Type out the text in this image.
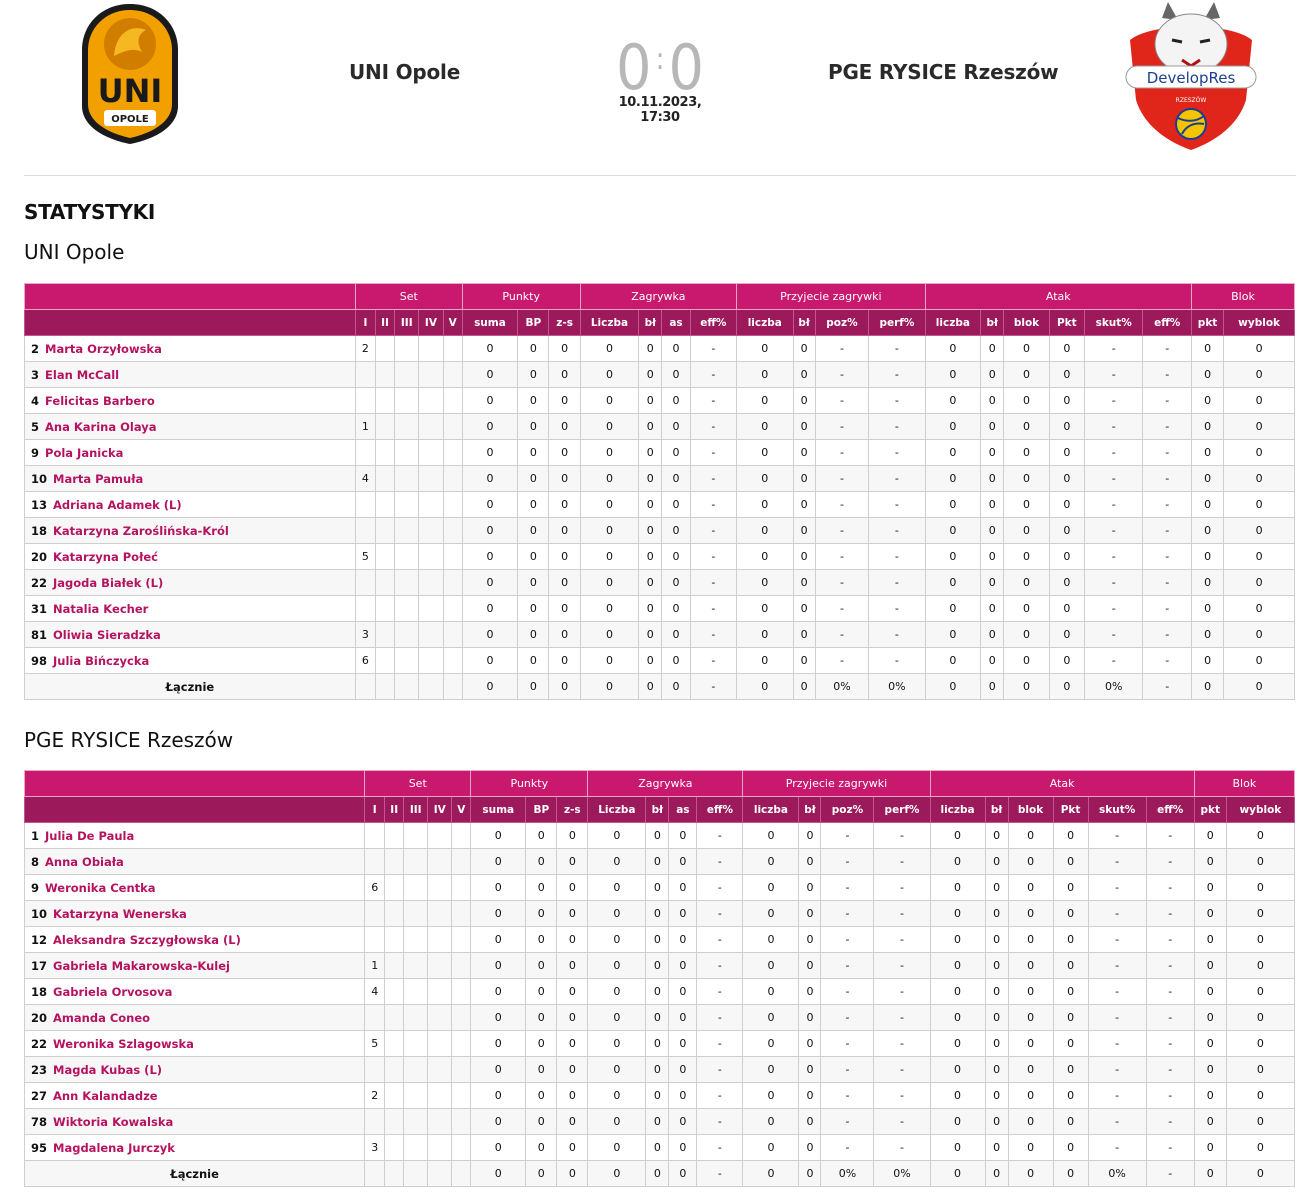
UNI
OPOLE
UNI Opole	0 :0
10.11.2023, 17:30
PGE RYSICE Rzeszów	DevelopRes
RZESZÓW
STATYSTYKI
UNI Opole
	Set					Punkty			Zagrywka				Przyjecie zagrywki				Atak						Blok	
	I	II	III	IV	V	suma	BP	z-s	Liczba	bł	as	eff%	liczba	bł	poz%	perf%	liczba	bł	blok	Pkt	skut%	eff%	pkt	wyblok
2 Marta Orzyłowska	2					0	0	0	0	0	0	-	0	0	-	-	0	0	0	0	-	-	0	0
3 Elan McCall						0	0	0	0	0	0	-	0	0	-	-	0	0	0	0	-	-	0	0
4 Felicitas Barbero						0	0	0	0	0	0	-	0	0	-	-	0	0	0	0	-	-	0	0
5 Ana Karina Olaya	1					0	0	0	0	0	0	-	0	0	-	-	0	0	0	0	-	-	0	0
9 Pola Janicka						0	0	0	0	0	0	-	0	0	-	-	0	0	0	0	-	-	0	0
10 Marta Pamuła	4					0	0	0	0	0	0	-	0	0	-	-	0	0	0	0	-	-	0	0
13 Adriana Adamek (L)						0	0	0	0	0	0	-	0	0	-	-	0	0	0	0	-	-	0	0
18 Katarzyna Zaroślińska-Król						0	0	0	0	0	0	-	0	0	-	-	0	0	0	0	-	-	0	0
20 Katarzyna Połeć	5					0	0	0	0	0	0	-	0	0	-	-	0	0	0	0	-	-	0	0
22 Jagoda Białek (L)						0	0	0	0	0	0	-	0	0	-	-	0	0	0	0	-	-	0	0
31 Natalia Kecher						0	0	0	0	0	0	-	0	0	-	-	0	0	0	0	-	-	0	0
81 Oliwia Sieradzka	3					0	0	0	0	0	0	-	0	0	-	-	0	0	0	0	-	-	0	0
98 Julia Bińczycka	6					0	0	0	0	0	0	-	0	0	-	-	0	0	0	0	-	-	0	0
Łącznie						0	0	0	0	0	0	-	0	0	0%	0%	0	0	0	0	0%	-	0	0
PGE RYSICE Rzeszów
	Set					Punkty			Zagrywka				Przyjecie zagrywki				Atak						Blok	
	I	II	III	IV	V	suma	BP	z-s	Liczba	bł	as	eff%	liczba	bł	poz%	perf%	liczba	bł	blok	Pkt	skut%	eff%	pkt	wyblok
1 Julia De Paula						0	0	0	0	0	0	-	0	0	-	-	0	0	0	0	-	-	0	0
8 Anna Obiała						0	0	0	0	0	0	-	0	0	-	-	0	0	0	0	-	-	0	0
9 Weronika Centka	6					0	0	0	0	0	0	-	0	0	-	-	0	0	0	0	-	-	0	0
10 Katarzyna Wenerska						0	0	0	0	0	0	-	0	0	-	-	0	0	0	0	-	-	0	0
12 Aleksandra Szczygłowska (L)						0	0	0	0	0	0	-	0	0	-	-	0	0	0	0	-	-	0	0
17 Gabriela Makarowska-Kulej	1					0	0	0	0	0	0	-	0	0	-	-	0	0	0	0	-	-	0	0
18 Gabriela Orvosova	4					0	0	0	0	0	0	-	0	0	-	-	0	0	0	0	-	-	0	0
20 Amanda Coneo						0	0	0	0	0	0	-	0	0	-	-	0	0	0	0	-	-	0	0
22 Weronika Szlagowska	5					0	0	0	0	0	0	-	0	0	-	-	0	0	0	0	-	-	0	0
23 Magda Kubas (L)						0	0	0	0	0	0	-	0	0	-	-	0	0	0	0	-	-	0	0
27 Ann Kalandadze	2					0	0	0	0	0	0	-	0	0	-	-	0	0	0	0	-	-	0	0
78 Wiktoria Kowalska						0	0	0	0	0	0	-	0	0	-	-	0	0	0	0	-	-	0	0
95 Magdalena Jurczyk	3					0	0	0	0	0	0	-	0	0	-	-	0	0	0	0	-	-	0	0
Łącznie						0	0	0	0	0	0	-	0	0	0%	0%	0	0	0	0	0%	-	0	0
